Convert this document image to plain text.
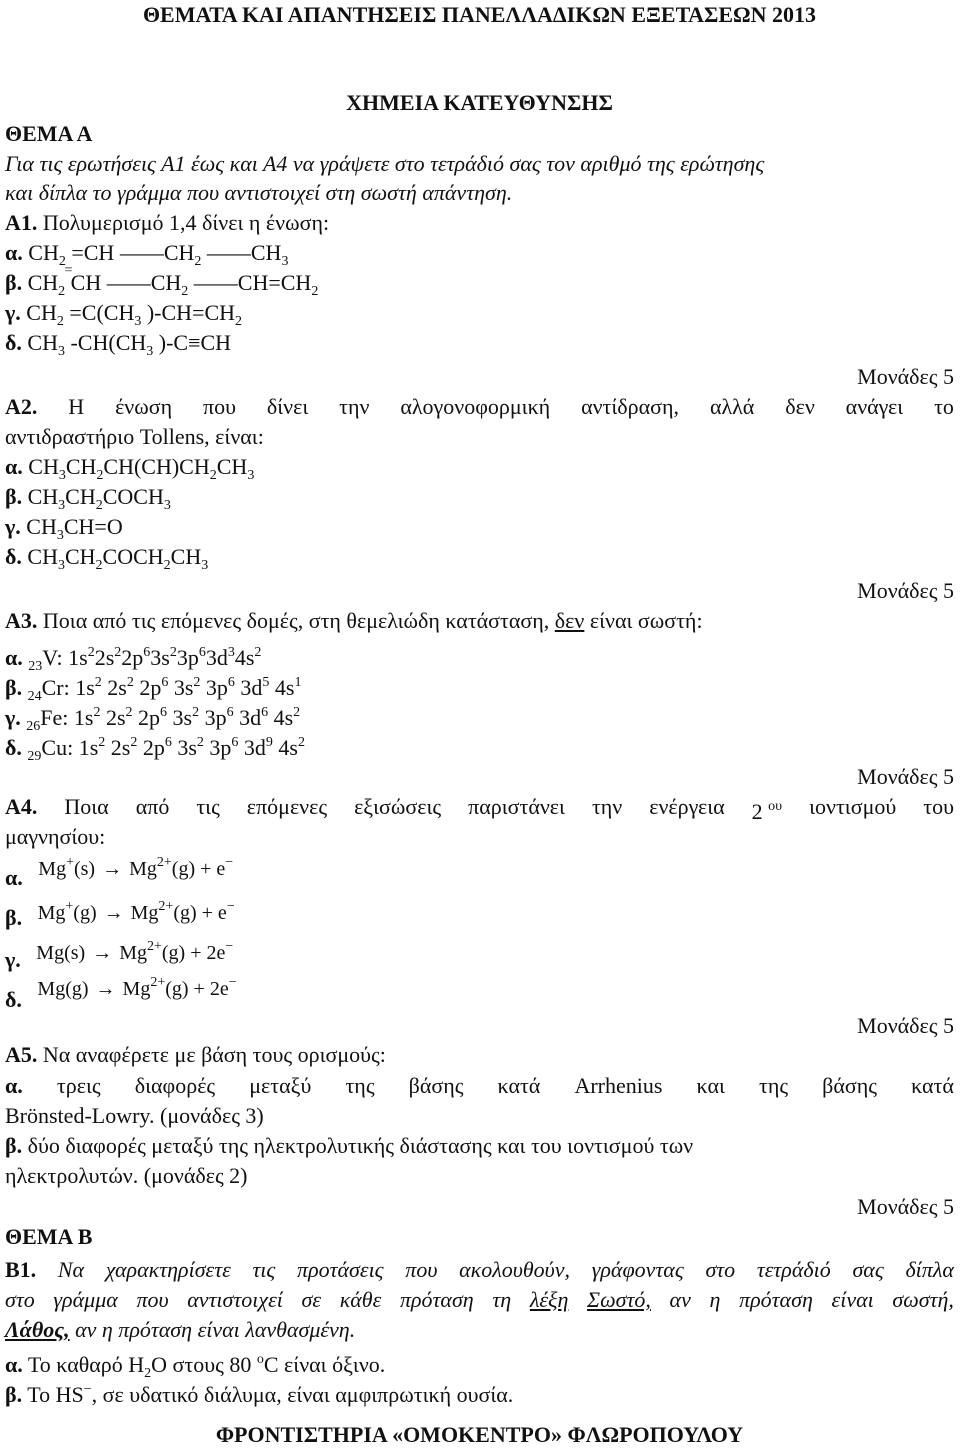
ΘΕΜΑΤΑ ΚΑΙ ΑΠΑΝΤΗΣΕΙΣ ΠΑΝΕΛΛΑΔΙΚΩΝ ΕΞΕΤΑΣΕΩΝ 2013
ΧΗΜΕΙΑ ΚΑΤΕΥΘΥΝΣΗΣ
ΘΕΜΑ Α
Για τις ερωτήσεις Α1 έως και Α4 να γράψετε στο τετράδιό σας τον αριθμό της ερώτησης
και δίπλα το γράμμα που αντιστοιχεί στη σωστή απάντηση.
Α1. Πολυμερισμό 1,4 δίνει η ένωση:
α. $CH_2 =CH$ $——CH_2$ $——CH_3$
β. $CH_2$ CH
= $——CH_2$ $——CH=CH_2$
γ. $CH_2 =C(CH_3$ )$-CH=CH_2$
δ. $CH_3$ $-CH(CH_3$ )-C≡CH
Μονάδες 5
Α2. Η ένωση που δίνει την αλογονοφορμική αντίδραση, αλλά δεν ανάγει το
αντιδραστήριο Tollens, είναι:
α. $CH_3CH_2CH(CH)CH_2CH_3$
β. $CH_3CH_2COCH_3$
γ. $CH_3CH=O$
δ. $CH_3CH_2COCH_2CH_3$
Μονάδες 5
Α3. Ποια από τις επόμενες δομές, στη θεμελιώδη κατάσταση, δεν είναι σωστή:
α. $_{23}$V: $1s^22s^22p^63s^23p^63d^34s^2$
β. $_{24}$Cr: $1s^2$ $2s^2$ $2p^6$ $3s^2$ $3p^6$ $3d^5$ $4s^1$
γ. $_{26}$Fe: $1s^2$ $2s^2$ $2p^6$ $3s^2$ $3p^6$ $3d^6$ $4s^2$
δ. $_{29}$Cu: $1s^2$ $2s^2$ $2p^6$ $3s^2$ $3p^6$ $3d^9$ $4s^2$
Μονάδες 5
Α4. Ποια από τις επόμενες εξισώσεις παριστάνει την ενέργεια 2 $^{o\upsilon}$ ιοντισμού του
μαγνησίου:
α. $Mg^+(s) \to Mg^{2+}(g) + e^-$
β. $Mg^+(g) \to Mg^{2+}(g) + e^-$
γ. $Mg(s) \to Mg^{2+}(g) + 2e^-$
δ. $Mg(g) \to Mg^{2+}(g) + 2e^-$
Μονάδες 5
Α5. Να αναφέρετε με βάση τους ορισμούς:
α. τρεις διαφορές μεταξύ της βάσης κατά Arrhenius και της βάσης κατά
Brönsted-Lowry. (μονάδες 3)
β. δύο διαφορές μεταξύ της ηλεκτρολυτικής διάστασης και του ιοντισμού των
ηλεκτρολυτών. (μονάδες 2)
Μονάδες 5
ΘΕΜΑ Β
Β1. Να χαρακτηρίσετε τις προτάσεις που ακολουθούν, γράφοντας στο τετράδιό σας δίπλα
στο γράμμα που αντιστοιχεί σε κάθε πρόταση τη λέξη Σωστό, αν η πρόταση είναι σωστή,
Λάθος, αν η πρόταση είναι λανθασμένη.
α. Το καθαρό $H_2O$ στους 80 $^o$C είναι όξινο.
β. Το HS−, σε υδατικό διάλυμα, είναι αμφιπρωτική ουσία.
ΦΡΟΝΤΙΣΤΗΡΙΑ «ΟΜΟΚΕΝΤΡΟ» ΦΛΩΡΟΠΟΥΛΟΥ
